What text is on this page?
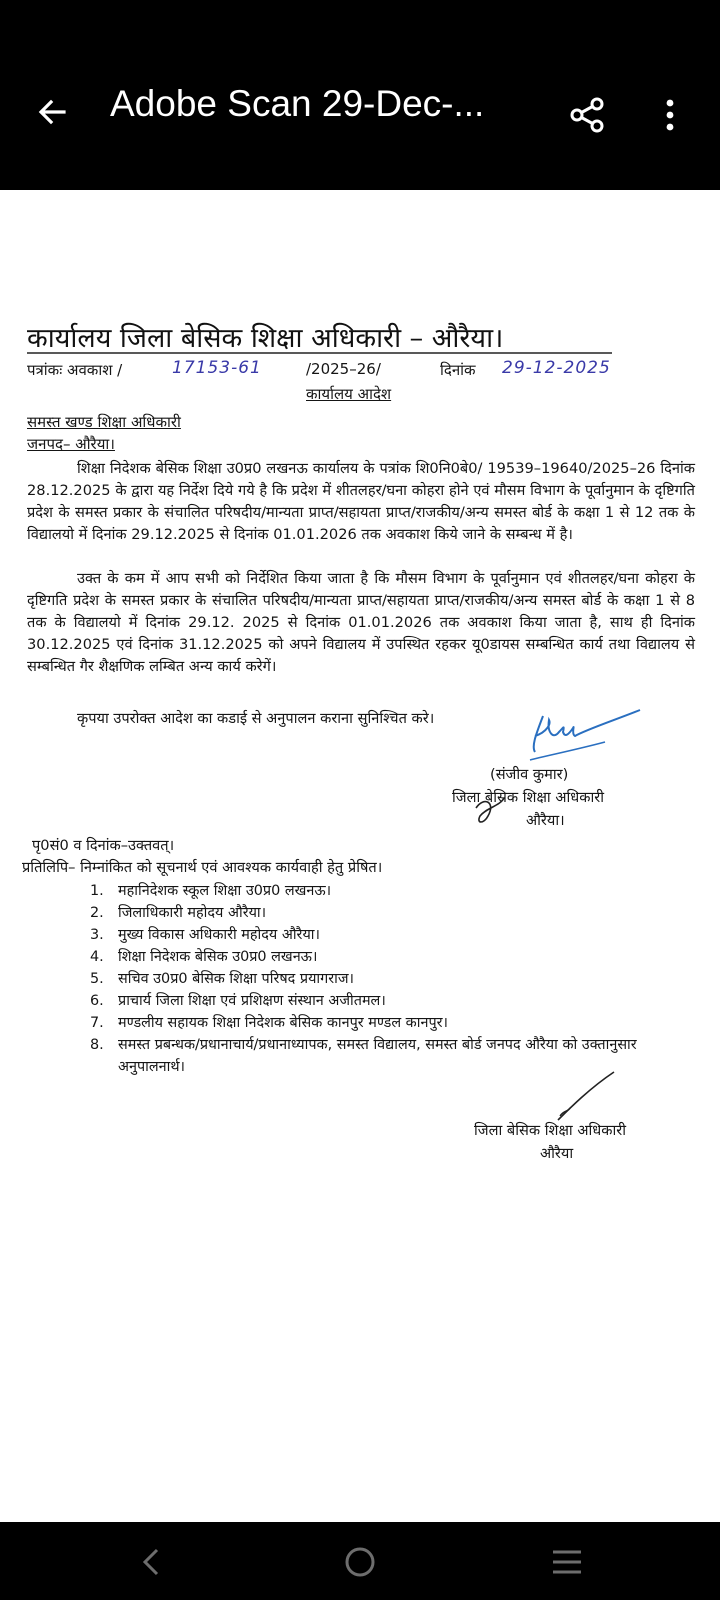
Adobe Scan 29-Dec-...
कार्यालय जिला बेसिक शिक्षा अधिकारी – औरैया।
पत्रांकः अवकाश /	17153-61	/2025–26/	दिनांक 29-12-2025
कार्यालय आदेश
समस्त खण्ड शिक्षा अधिकारी
जनपद– औरैया।
शिक्षा निदेशक बेसिक शिक्षा उ0प्र0 लखनऊ कार्यालय के पत्रांक शि0नि0बे0/ 19539–19640/2025–26 दिनांक 28.12.2025 के द्वारा यह निर्देश दिये गये है कि प्रदेश में शीतलहर/घना कोहरा होने एवं मौसम विभाग के पूर्वानुमान के दृष्टिगति प्रदेश के समस्त प्रकार के संचालित परिषदीय/मान्यता प्राप्त/सहायता प्राप्त/राजकीय/अन्य समस्त बोर्ड के कक्षा 1 से 12 तक के विद्यालयो में दिनांक 29.12.2025 से दिनांक 01.01.2026 तक अवकाश किये जाने के सम्बन्ध में है।
उक्त के कम में आप सभी को निर्देशित किया जाता है कि मौसम विभाग के पूर्वानुमान एवं शीतलहर/घना कोहरा के दृष्टिगति प्रदेश के समस्त प्रकार के संचालित परिषदीय/मान्यता प्राप्त/सहायता प्राप्त/राजकीय/अन्य समस्त बोर्ड के कक्षा 1 से 8 तक के विद्यालयो में दिनांक 29.12. 2025 से दिनांक 01.01.2026 तक अवकाश किया जाता है, साथ ही दिनांक 30.12.2025 एवं दिनांक 31.12.2025 को अपने विद्यालय में उपस्थित रहकर यू0डायस सम्बन्धित कार्य तथा विद्यालय से सम्बन्धित गैर शैक्षणिक लम्बित अन्य कार्य करेगें।
कृपया उपरोक्त आदेश का कडाई से अनुपालन कराना सुनिश्चित करे।
(संजीव कुमार)
जिला बेसिक शिक्षा अधिकारी
औरैया।
पृ0सं0 व दिनांक–उक्तवत्।
प्रतिलिपि– निम्नांकित को सूचनार्थ एवं आवश्यक कार्यवाही हेतु प्रेषित।
1. महानिदेशक स्कूल शिक्षा उ0प्र0 लखनऊ।
2. जिलाधिकारी महोदय औरैया।
3. मुख्य विकास अधिकारी महोदय औरैया।
4. शिक्षा निदेशक बेसिक उ0प्र0 लखनऊ।
5. सचिव उ0प्र0 बेसिक शिक्षा परिषद प्रयागराज।
6. प्राचार्य जिला शिक्षा एवं प्रशिक्षण संस्थान अजीतमल।
7. मण्डलीय सहायक शिक्षा निदेशक बेसिक कानपुर मण्डल कानपुर।
8. समस्त प्रबन्धक/प्रधानाचार्य/प्रधानाध्यापक, समस्त विद्यालय, समस्त बोर्ड जनपद औरैया को उक्तानुसार अनुपालनार्थ।
जिला बेसिक शिक्षा अधिकारी
औरैया
